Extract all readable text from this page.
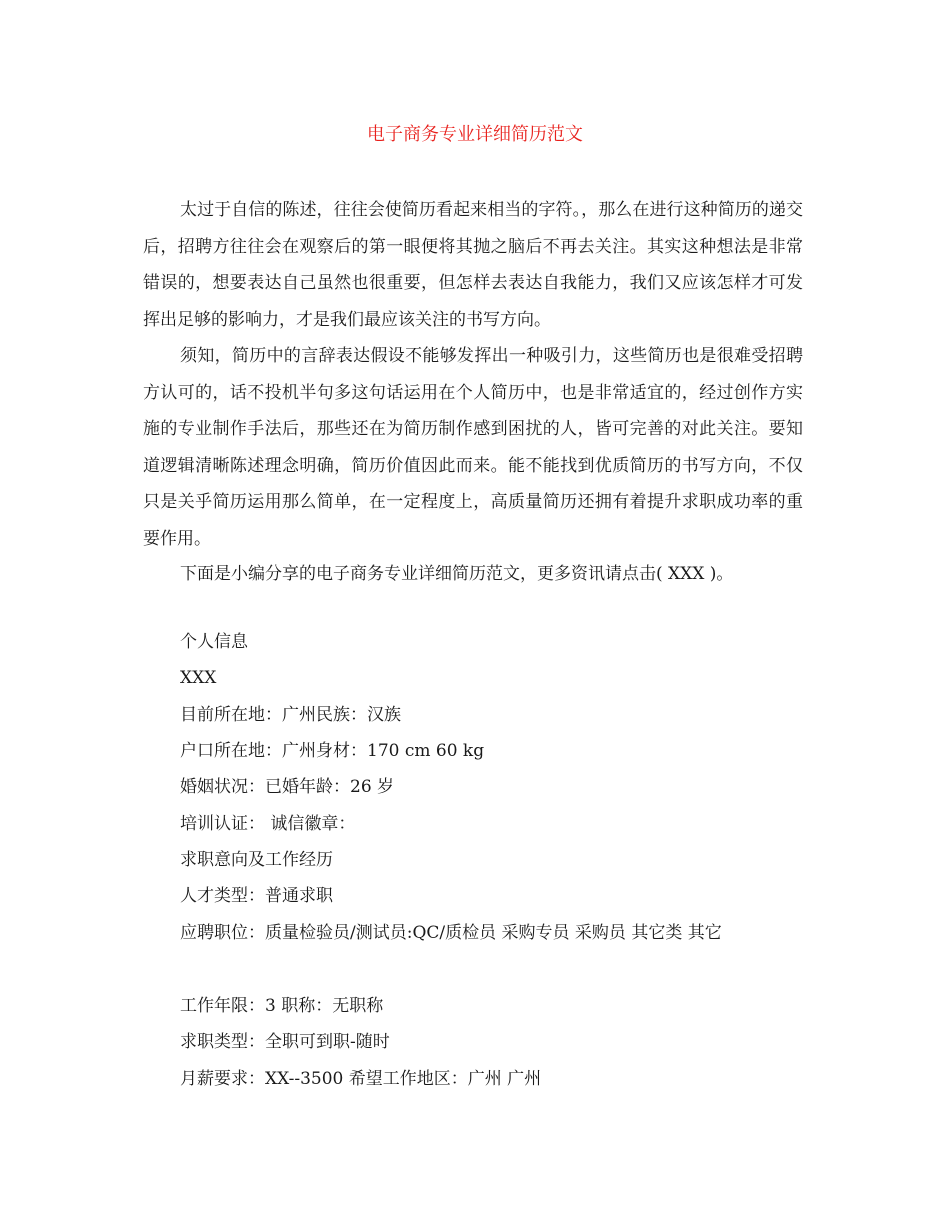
电子商务专业详细简历范文

太过于自信的陈述，往往会使简历看起来相当的字符。，那么在进行这种简历的递交后，招聘方往往会在观察后的第一眼便将其抛之脑后不再去关注。其实这种想法是非常错误的，想要表达自己虽然也很重要，但怎样去表达自我能力，我们又应该怎样才可发挥出足够的影响力，才是我们最应该关注的书写方向。

须知，简历中的言辞表达假设不能够发挥出一种吸引力，这些简历也是很难受招聘方认可的，话不投机半句多这句话运用在个人简历中，也是非常适宜的，经过创作方实施的专业制作手法后，那些还在为简历制作感到困扰的人，皆可完善的对此关注。要知道逻辑清晰陈述理念明确，简历价值因此而来。能不能找到优质简历的书写方向，不仅只是关乎简历运用那么简单，在一定程度上，高质量简历还拥有着提升求职成功率的重要作用。

下面是小编分享的电子商务专业详细简历范文，更多资讯请点击( XXX )。

个人信息
XXX
目前所在地：广州民族：汉族
户口所在地：广州身材：170 cm 60 kg
婚姻状况：已婚年龄：26 岁
培训认证： 诚信徽章：
求职意向及工作经历
人才类型：普通求职
应聘职位：质量检验员/测试员:QC/质检员 采购专员 采购员 其它类 其它
工作年限：3 职称：无职称
求职类型：全职可到职-随时
月薪要求：XX--3500 希望工作地区：广州 广州
